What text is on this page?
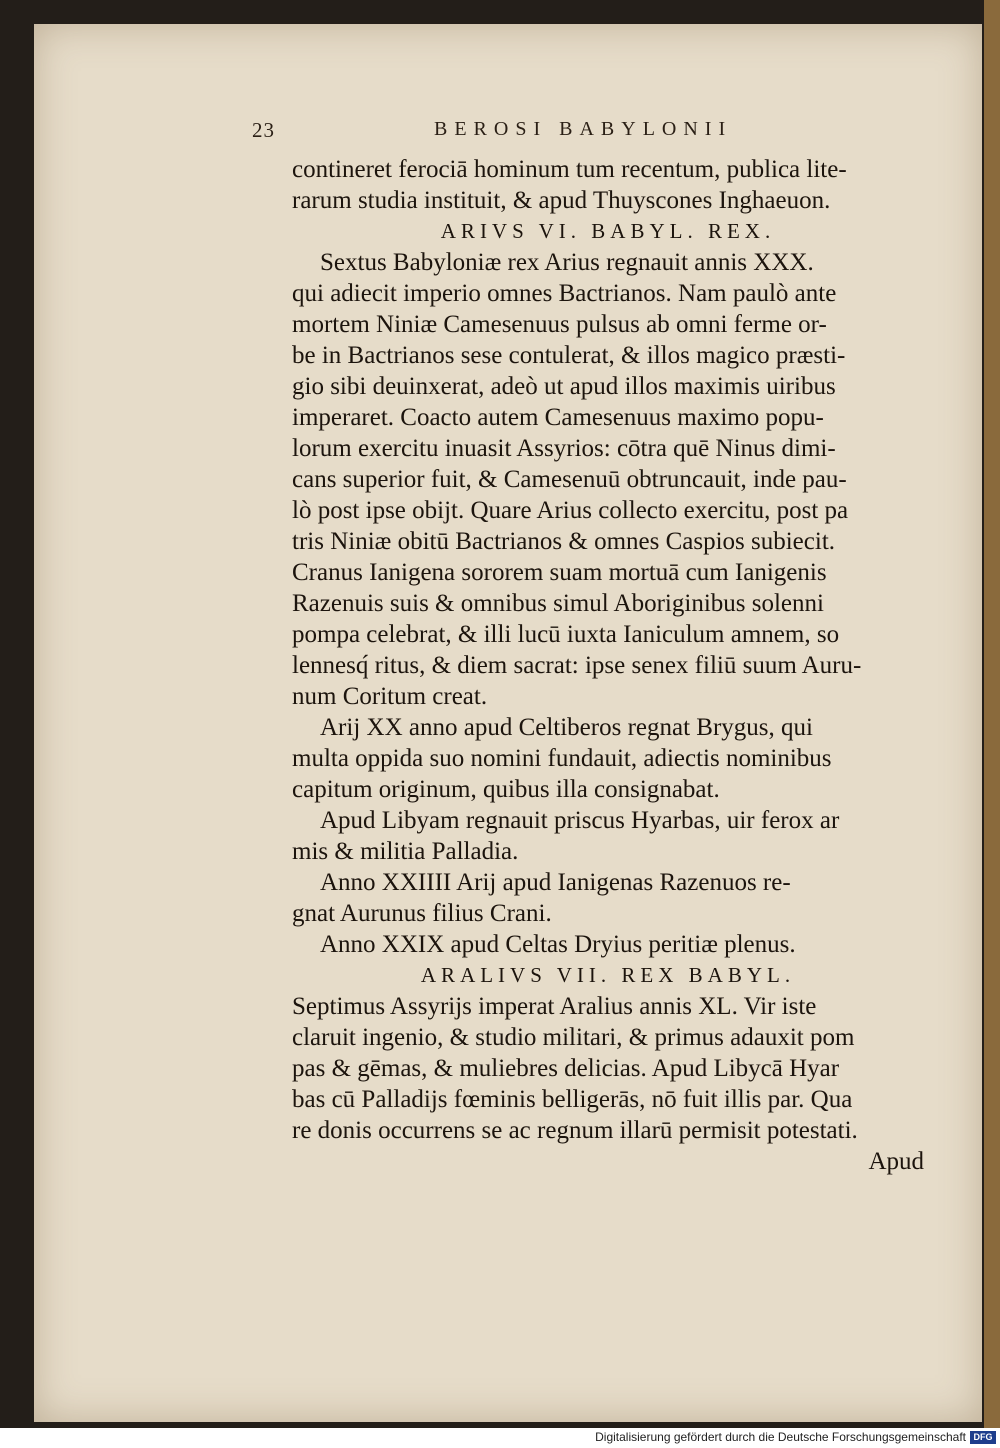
23	BEROSI BABYLONII
contineret ferociā hominum tum recentum, publica lite-
rarum studia instituit, & apud Thuyscones Inghaeuon.
ARIVS VI. BABYL. REX.
Sextus Babyloniæ rex Arius regnauit annis XXX.
qui adiecit imperio omnes Bactrianos. Nam paulò ante
mortem Niniæ Camesenuus pulsus ab omni ferme or-
be in Bactrianos sese contulerat, & illos magico præsti-
gio sibi deuinxerat, adeò ut apud illos maximis uiribus
imperaret. Coacto autem Camesenuus maximo popu-
lorum exercitu inuasit Assyrios: cōtra quē Ninus dimi-
cans superior fuit, & Camesenuū obtruncauit, inde pau-
lò post ipse obijt. Quare Arius collecto exercitu, post pa
tris Niniæ obitū Bactrianos & omnes Caspios subiecit.
Cranus Ianigena sororem suam mortuā cum Ianigenis
Razenuis suis & omnibus simul Aboriginibus solenni
pompa celebrat, & illi lucū iuxta Ianiculum amnem, so
lennesq́ ritus, & diem sacrat: ipse senex filiū suum Auru-
num Coritum creat.
Arij XX anno apud Celtiberos regnat Brygus, qui
multa oppida suo nomini fundauit, adiectis nominibus
capitum originum, quibus illa consignabat.
Apud Libyam regnauit priscus Hyarbas, uir ferox ar
mis & militia Palladia.
Anno XXIIII Arij apud Ianigenas Razenuos re-
gnat Aurunus filius Crani.
Anno XXIX apud Celtas Dryius peritiæ plenus.
ARALIVS VII. REX BABYL.
Septimus Assyrijs imperat Aralius annis XL. Vir iste
claruit ingenio, & studio militari, & primus adauxit pom
pas & gēmas, & muliebres delicias. Apud Libycā Hyar
bas cū Palladijs fœminis belligerās, nō fuit illis par. Qua
re donis occurrens se ac regnum illarū permisit potestati.
Apud
Digitalisierung gefördert durch die Deutsche Forschungsgemeinschaft DFG
